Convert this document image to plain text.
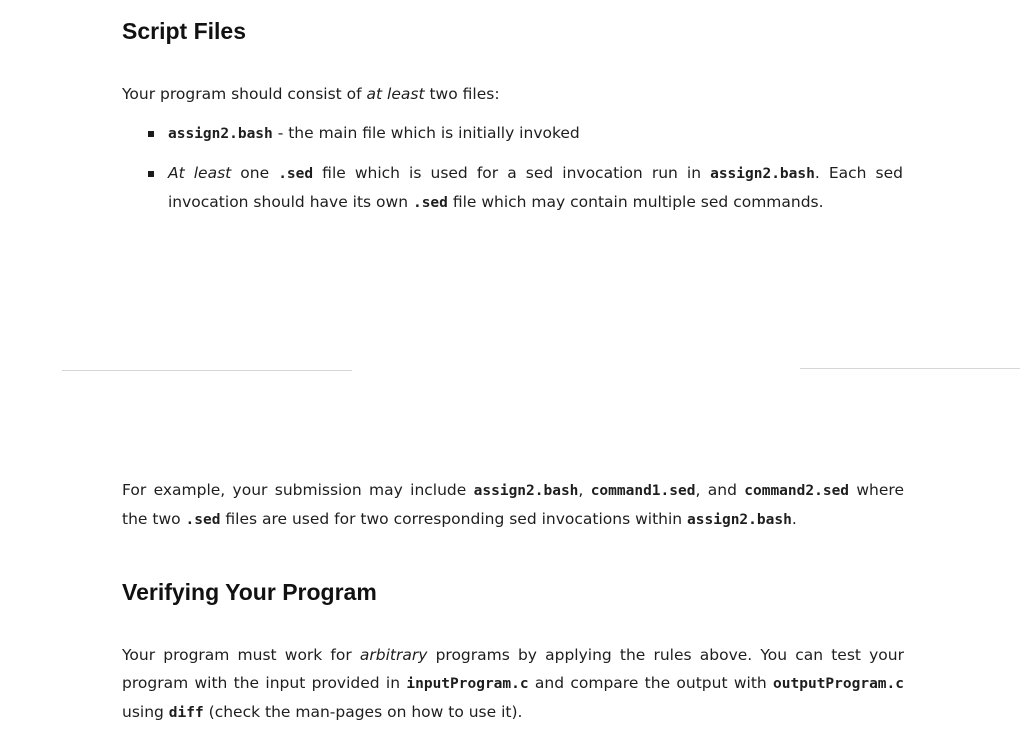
Script Files

Your program should consist of at least two files:

assign2.bash - the main file which is initially invoked

At least one .sed file which is used for a sed invocation run in assign2.bash. Each sed invocation should have its own .sed file which may contain multiple sed commands.

For example, your submission may include assign2.bash, command1.sed, and command2.sed where the two .sed files are used for two corresponding sed invocations within assign2.bash.

Verifying Your Program

Your program must work for arbitrary programs by applying the rules above. You can test your program with the input provided in inputProgram.c and compare the output with outputProgram.c using diff (check the man-pages on how to use it).
